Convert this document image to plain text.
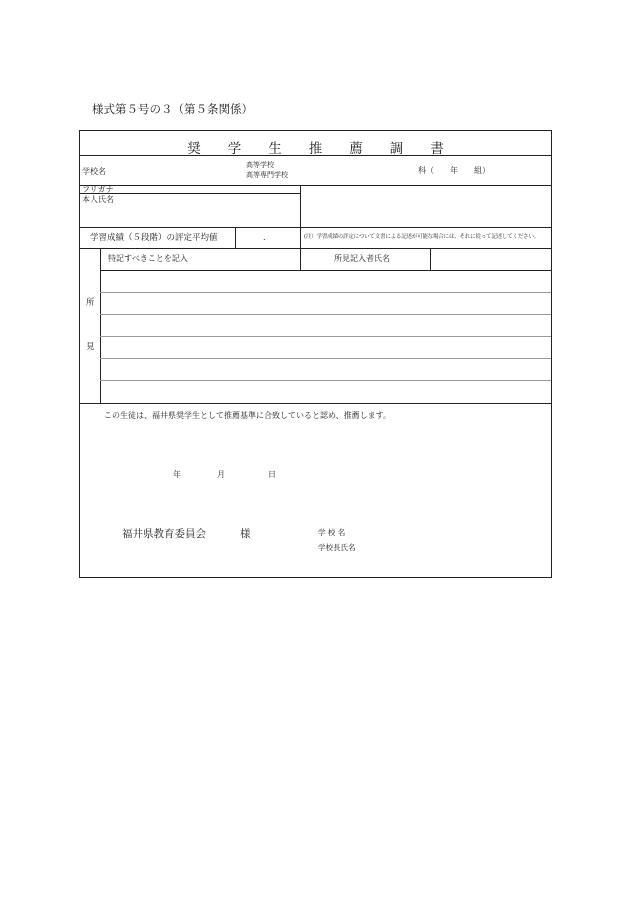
様式第５号の３（第５条関係）
奨学生推薦調書
学校名
高等学校
高等専門学校	科（　　年　　組）
フリガナ
本人氏名
学習成績（５段階）の評定平均値	.	(注）学習成績の評定について文書による記述が可能な場合には、それに従って記述してください。
所
見
特記すべきことを記入	所見記入者氏名
この生徒は、福井県奨学生として推薦基準に合致していると認め、推薦します。
年	月	日
福井県教育委員会	様	学 校 名
学校長氏名
